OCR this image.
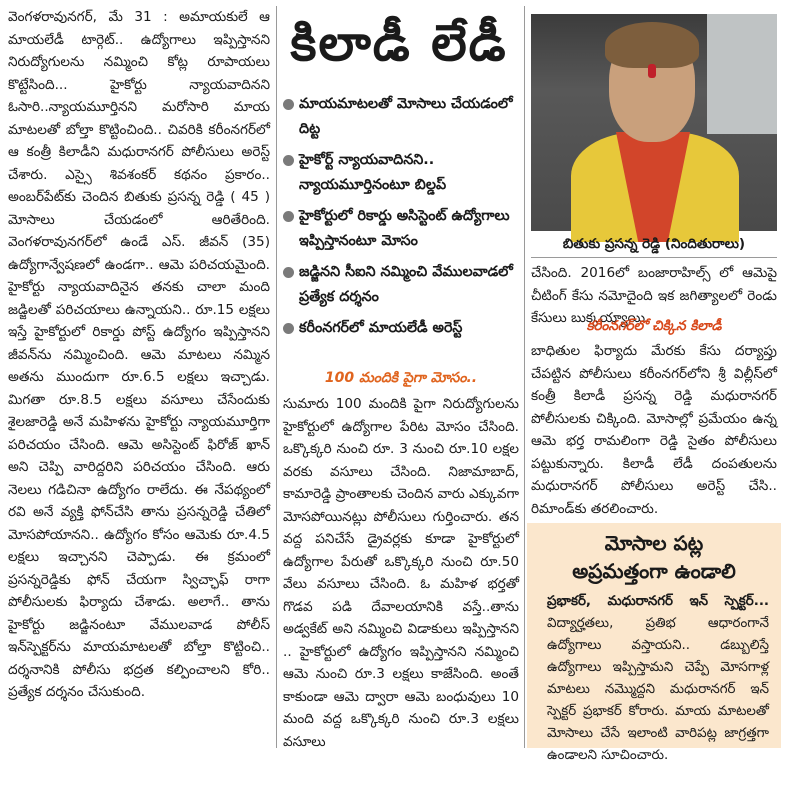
వెంగళరావునగర్‌, మే 31 : అమాయకులే ఆ మాయలేడీ టార్గెట్‌.. ఉద్యోగాలు ఇప్పిస్తానని నిరుద్యోగులను నమ్మించి కోట్ల రూపాయలు కొట్టేసింది... హైకోర్టు న్యాయవాదినని ఓసారి..న్యాయమూర్తినని మరోసారి మాయ మాటలతో బోల్తా కొట్టించింది.. చివరికి కరీంనగర్‌లో ఆ కంత్రీ కిలాడీని మధురానగర్‌ పోలీసులు అరెస్ట్‌ చేశారు. ఎస్సై శివశంకర్‌ కథనం ప్రకారం.. అంబర్‌పేట్‌కు చెందిన బితుకు ప్రసన్న రెడ్డి ( 45 ) మోసాలు చేయడంలో ఆరితేరింది. వెంగళరావునగర్‌లో ఉండే ఎస్‌. జీవన్‌ (35) ఉద్యోగాన్వేషణలో ఉండగా.. ఆమె పరిచయమైంది. హైకోర్టు న్యాయవాదినైన తనకు చాలా మంది జడ్జిలతో పరిచయాలు ఉన్నాయని.. రూ.15 లక్షలు ఇస్తే హైకోర్టులో రికార్డు పోస్ట్‌ ఉద్యోగం ఇప్పిస్తానని జీవన్‌ను నమ్మించింది. ఆమె మాటలు నమ్మిన అతను ముందుగా రూ.6.5 లక్షలు ఇచ్చాడు. మిగతా రూ.8.5 లక్షలు వసూలు చేసేందుకు శైలజారెడ్డి అనే మహిళను హైకోర్టు న్యాయమూర్తిగా పరిచయం చేసింది. ఆమె అసిస్టెంట్‌ ఫిరోజ్‌ ఖాన్‌ అని చెప్పి వారిద్దరిని పరిచయం చేసింది. ఆరు నెలలు గడిచినా ఉద్యోగం రాలేదు. ఈ నేపథ్యంలో రవి అనే వ్యక్తి ఫోన్‌చేసి తాను ప్రసన్నరెడ్డి చేతిలో మోసపోయానని.. ఉద్యోగం కోసం ఆమెకు రూ.4.5 లక్షలు ఇచ్చానని చెప్పాడు. ఈ క్రమంలో ప్రసన్నరెడ్డికు ఫోన్‌ చేయగా స్విచ్ఛాఫ్‌ రాగా పోలీసులకు ఫిర్యాదు చేశాడు. అలాగే.. తాను హైకోర్టు జడ్జినంటూ వేములవాడ పోలీస్‌ ఇన్‌స్పెక్టర్‌ను మాయమాటలతో బోల్తా కొట్టించి.. దర్శనానికి పోలీసు భద్రత కల్పించాలని కోరి.. ప్రత్యేక దర్శనం చేసుకుంది.
కిలాడీ లేడీ
మాయమాటలతో మోసాలు చేయడంలో దిట్ట
హైకోర్ట్‌ న్యాయవాదినని.. న్యాయమూర్తినంటూ బిల్డప్‌
హైకోర్టులో రికార్డు అసిస్టెంట్‌ ఉద్యోగాలు ఇప్పిస్తానంటూ మోసం
జడ్జినని సీఐని నమ్మించి వేములవాడలో ప్రత్యేక దర్శనం
కరీంనగర్‌లో మాయలేడీ అరెస్ట్‌
100 మందికి పైగా మోసం..
సుమారు 100 మందికి పైగా నిరుద్యోగులను హైకోర్టులో ఉద్యోగాల పేరిట మోసం చేసింది. ఒక్కొక్కరి నుంచి రూ. 3 నుంచి రూ.10 లక్షల వరకు వసూలు చేసింది. నిజామాబాద్‌, కామారెడ్డి ప్రాంతాలకు చెందిన వారు ఎక్కువగా మోసపోయినట్లు పోలీసులు గుర్తించారు. తన వద్ద పనిచేసే డ్రైవర్లకు కూడా హైకోర్టులో ఉద్యోగాల పేరుతో ఒక్కొక్కరి నుంచి రూ.50 వేలు వసూలు చేసింది. ఓ మహిళ భర్తతో గొడవ పడి దేవాలయానికి వస్తే..తాను అడ్వకేట్‌ అని నమ్మించి విడాకులు ఇప్పిస్తానని .. హైకోర్టులో ఉద్యోగం ఇప్పిస్తానని నమ్మించి ఆమె నుంచి రూ.3 లక్షలు కాజేసింది. అంతే కాకుండా ఆమె ద్వారా ఆమె బంధువులు 10 మంది వద్ద ఒక్కొక్కరి నుంచి రూ.3 లక్షలు వసూలు
బితుకు ప్రసన్న రెడ్డి (నిందితురాలు)
చేసింది. 2016లో బంజారాహిల్స్‌ లో ఆమెపై చీటింగ్‌ కేసు నమోదైంది ఇక జగిత్యాలలో రెండు కేసులు బుక్కయ్యాయి.
కరీంనగర్‌లో చిక్కిన కిలాడీ
బాధితుల ఫిర్యాదు మేరకు కేసు దర్యాప్తు చేపట్టిన పోలీసులు కరీంనగర్‌లోని శ్రీ విల్లీస్‌లో కంత్రీ కిలాడీ ప్రసన్న రెడ్డి మధురానగర్‌ పోలీసులకు చిక్కింది. మోసాల్లో ప్రమేయం ఉన్న ఆమె భర్త రామలింగా రెడ్డి సైతం పోలీసులు పట్టుకున్నారు. కిలాడీ లేడీ దంపతులను మధురానగర్‌ పోలీసులు అరెస్ట్‌ చేసి.. రిమాండ్‌కు తరలించారు.
మోసాల పట్ల
అప్రమత్తంగా ఉండాలి
ప్రభాకర్‌, మధురానగర్‌ ఇన్‌ స్పెక్టర్‌... విద్యార్హతలు, ప్రతిభ ఆధారంగానే ఉద్యోగాలు వస్తాయని.. డబ్బులిస్తే ఉద్యోగాలు ఇప్పిస్తామని చెప్పే మోసగాళ్ల మాటలు నమ్మొద్దని మధురానగర్‌ ఇన్‌ స్పెక్టర్‌ ప్రభాకర్‌ కోరారు. మాయ మాటలతో మోసాలు చేసే ఇలాంటి వారిపట్ల జాగ్రత్తగా ఉండాలని సూచించారు.
